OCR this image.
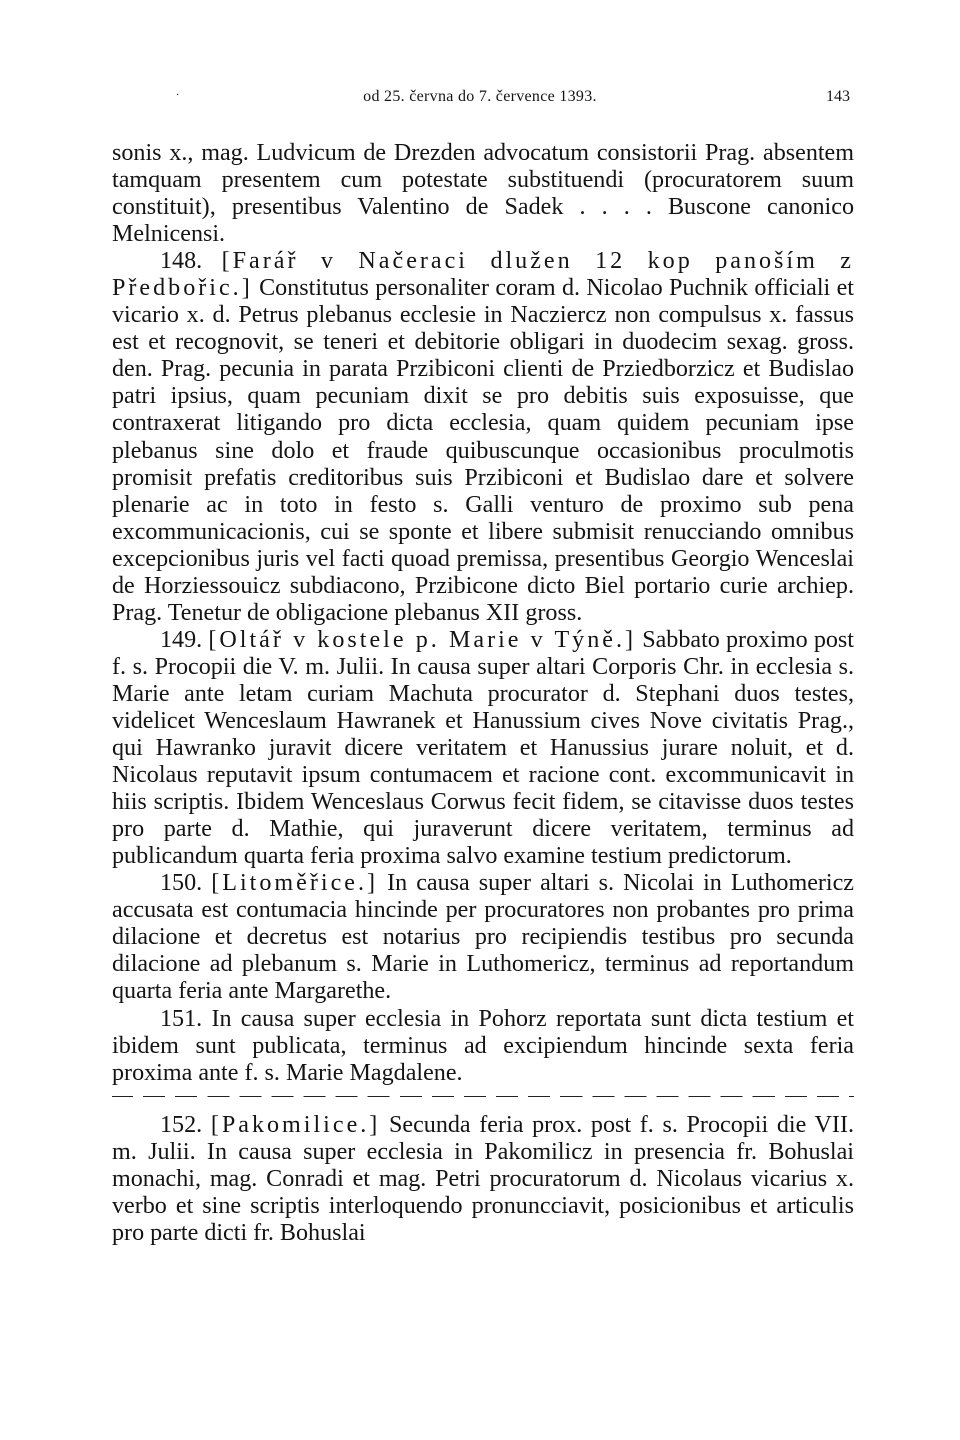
·	od 25. června do 7. července 1393.	143

sonis x., mag. Ludvicum de Drezden advocatum consistorii Prag. absentem tamquam presentem cum potestate substituendi (procuratorem suum constituit), presentibus Valentino de Sadek . . . . Buscone canonico Melnicensi.

148. [Farář v Načeraci dlužen 12 kop panoším z Předbořic.] Constitutus personaliter coram d. Nicolao Puchnik officiali et vicario x. d. Petrus plebanus ecclesie in Nacziercz non compulsus x. fassus est et recognovit, se teneri et debitorie obligari in duodecim sexag. gross. den. Prag. pecunia in parata Przibiconi clienti de Prziedborzicz et Budislao patri ipsius, quam pecuniam dixit se pro debitis suis exposuisse, que contraxerat litigando pro dicta ecclesia, quam quidem pecuniam ipse plebanus sine dolo et fraude quibuscunque occasionibus proculmotis promisit prefatis creditoribus suis Przibiconi et Budislao dare et solvere plenarie ac in toto in festo s. Galli venturo de proximo sub pena excommunicacionis, cui se sponte et libere submisit renucciando omnibus excepcionibus juris vel facti quoad premissa, presentibus Georgio Wenceslai de Horziessouicz subdiacono, Przibicone dicto Biel portario curie archiep. Prag. Tenetur de obligacione plebanus XII gross.

149. [Oltář v kostele p. Marie v Týně.] Sabbato proximo post f. s. Procopii die V. m. Julii. In causa super altari Corporis Chr. in ecclesia s. Marie ante letam curiam Machuta procurator d. Stephani duos testes, videlicet Wenceslaum Hawranek et Hanussium cives Nove civitatis Prag., qui Hawranko juravit dicere veritatem et Hanussius jurare noluit, et d. Nicolaus reputavit ipsum contumacem et racione cont. excommunicavit in hiis scriptis. Ibidem Wenceslaus Corwus fecit fidem, se citavisse duos testes pro parte d. Mathie, qui juraverunt dicere veritatem, terminus ad publicandum quarta feria proxima salvo examine testium predictorum.

150. [Litoměřice.] In causa super altari s. Nicolai in Luthomericz accusata est contumacia hincinde per procuratores non probantes pro prima dilacione et decretus est notarius pro recipiendis testibus pro secunda dilacione ad plebanum s. Marie in Luthomericz, terminus ad reportandum quarta feria ante Margarethe.

151. In causa super ecclesia in Pohorz reportata sunt dicta testium et ibidem sunt publicata, terminus ad excipiendum hincinde sexta feria proxima ante f. s. Marie Magdalene.

152. [Pakomilice.] Secunda feria prox. post f. s. Procopii die VII. m. Julii. In causa super ecclesia in Pakomilicz in presencia fr. Bohuslai monachi, mag. Conradi et mag. Petri procuratorum d. Nicolaus vicarius x. verbo et sine scriptis interloquendo pronuncciavit, posicionibus et articulis pro parte dicti fr. Bohuslai
